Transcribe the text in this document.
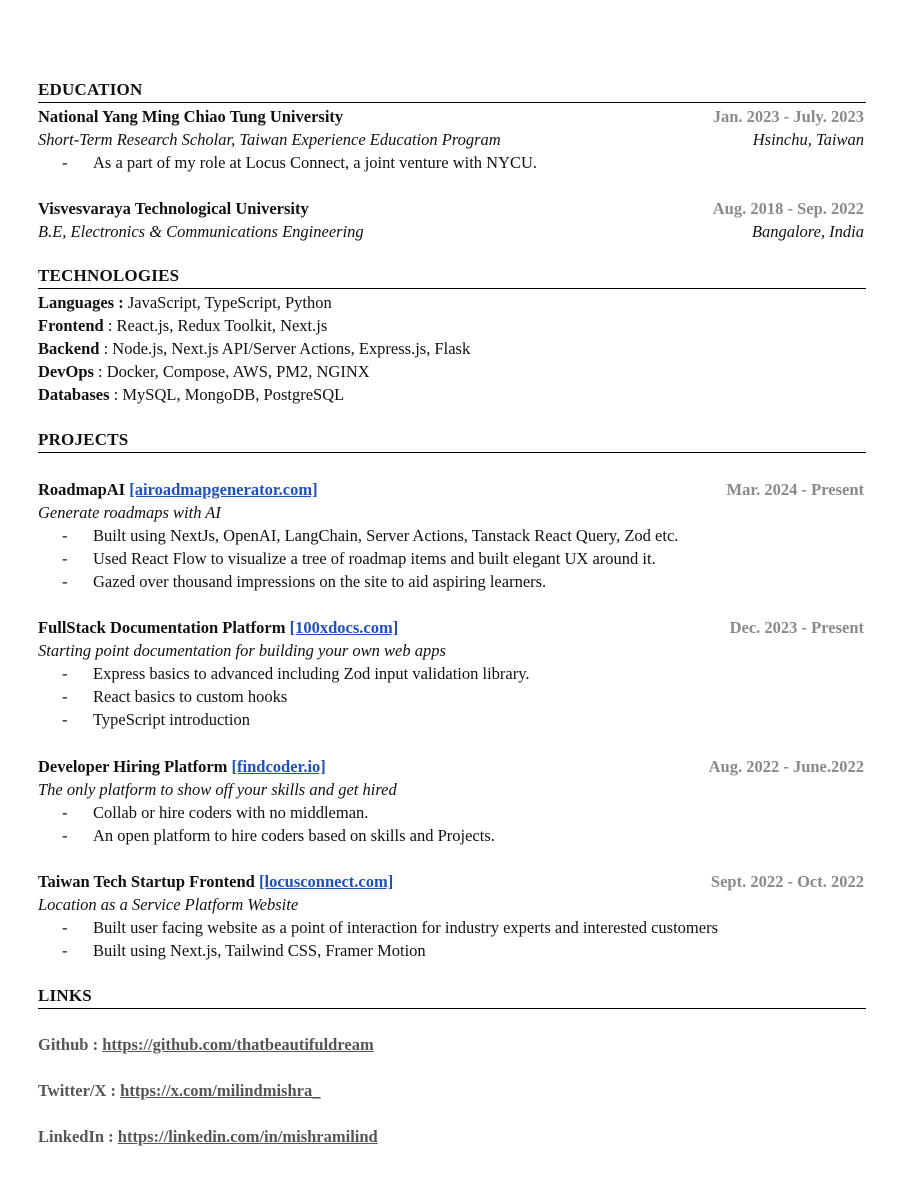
EDUCATION
National Yang Ming Chiao Tung University	Jan. 2023 - July. 2023
Short-Term Research Scholar, Taiwan Experience Education Program	Hsinchu, Taiwan
- As a part of my role at Locus Connect, a joint venture with NYCU.
Visvesvaraya Technological University	Aug. 2018 - Sep. 2022
B.E, Electronics & Communications Engineering	Bangalore, India
TECHNOLOGIES
Languages : JavaScript, TypeScript, Python
Frontend : React.js, Redux Toolkit, Next.js
Backend : Node.js, Next.js API/Server Actions, Express.js, Flask
DevOps : Docker, Compose, AWS, PM2, NGINX
Databases : MySQL, MongoDB, PostgreSQL
PROJECTS
RoadmapAI [airoadmapgenerator.com]	Mar. 2024 - Present
Generate roadmaps with AI
- Built using NextJs, OpenAI, LangChain, Server Actions, Tanstack React Query, Zod etc.
- Used React Flow to visualize a tree of roadmap items and built elegant UX around it.
- Gazed over thousand impressions on the site to aid aspiring learners.
FullStack Documentation Platform [100xdocs.com]	Dec. 2023 - Present
Starting point documentation for building your own web apps
- Express basics to advanced including Zod input validation library.
- React basics to custom hooks
- TypeScript introduction
Developer Hiring Platform [findcoder.io]	Aug. 2022 - June.2022
The only platform to show off your skills and get hired
- Collab or hire coders with no middleman.
- An open platform to hire coders based on skills and Projects.
Taiwan Tech Startup Frontend [locusconnect.com]	Sept. 2022 - Oct. 2022
Location as a Service Platform Website
- Built user facing website as a point of interaction for industry experts and interested customers
- Built using Next.js, Tailwind CSS, Framer Motion
LINKS
Github : https://github.com/thatbeautifuldream
Twitter/X : https://x.com/milindmishra_
LinkedIn : https://linkedin.com/in/mishramilind
